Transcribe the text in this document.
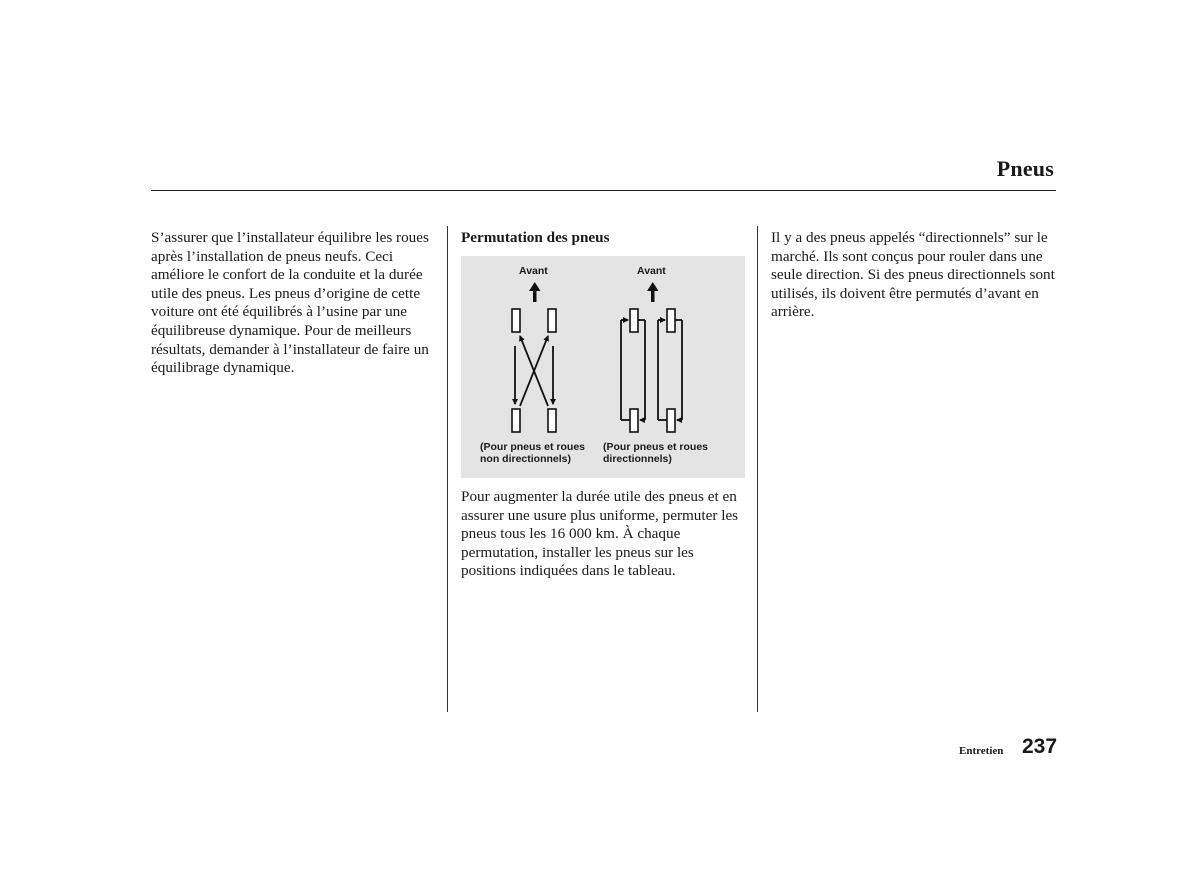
Pneus
S’assurer que l’installateur équilibre les roues après l’installation de pneus neufs. Ceci améliore le confort de la conduite et la durée utile des pneus. Les pneus d’origine de cette voiture ont été équilibrés à l’usine par une équilibreuse dynamique. Pour de meilleurs résultats, demander à l’installateur de faire un équilibrage dynamique.
Permutation des pneus
Avant	Avant
(Pour pneus et roues non directionnels)
(Pour pneus et roues directionnels)
Pour augmenter la durée utile des pneus et en assurer une usure plus uniforme, permuter les pneus tous les 16 000 km. À chaque permutation, installer les pneus sur les positions indiquées dans le tableau.
Il y a des pneus appelés “directionnels” sur le marché. Ils sont conçus pour rouler dans une seule direction. Si des pneus directionnels sont utilisés, ils doivent être permutés d’avant en arrière.
Entretien 237
